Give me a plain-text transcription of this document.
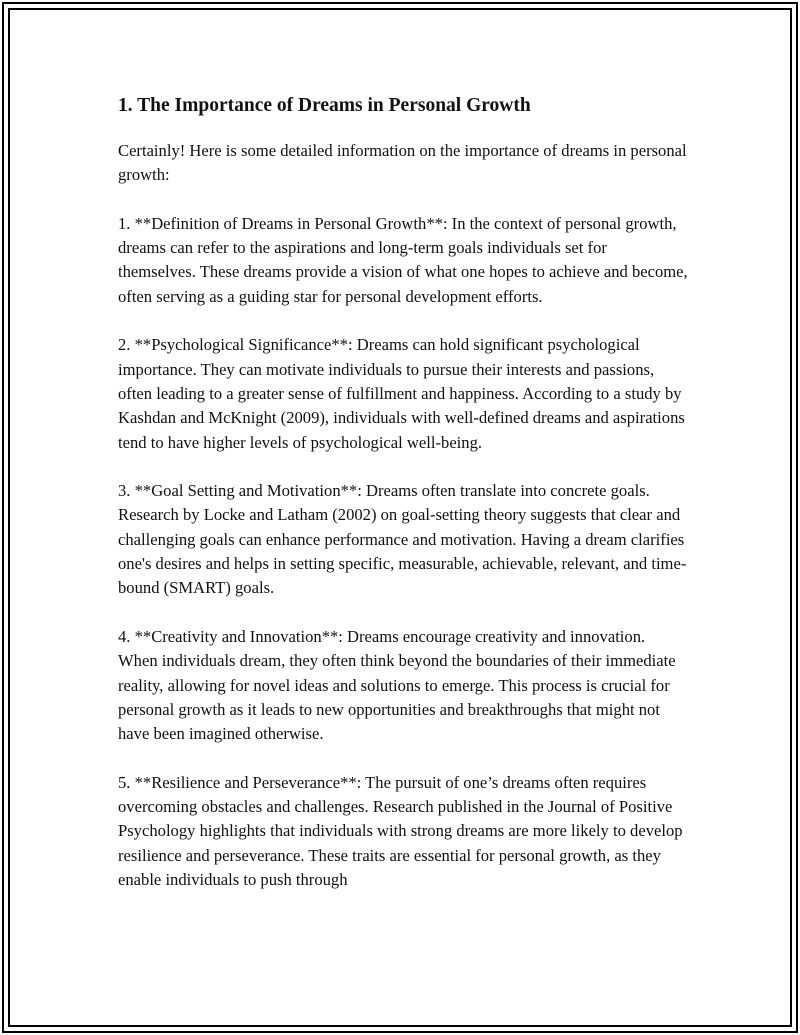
1. The Importance of Dreams in Personal Growth

Certainly! Here is some detailed information on the importance of dreams in personal growth:

1. **Definition of Dreams in Personal Growth**: In the context of personal growth, dreams can refer to the aspirations and long-term goals individuals set for themselves. These dreams provide a vision of what one hopes to achieve and become, often serving as a guiding star for personal development efforts.

2. **Psychological Significance**: Dreams can hold significant psychological importance. They can motivate individuals to pursue their interests and passions, often leading to a greater sense of fulfillment and happiness. According to a study by Kashdan and McKnight (2009), individuals with well-defined dreams and aspirations tend to have higher levels of psychological well-being.

3. **Goal Setting and Motivation**: Dreams often translate into concrete goals. Research by Locke and Latham (2002) on goal-setting theory suggests that clear and challenging goals can enhance performance and motivation. Having a dream clarifies one's desires and helps in setting specific, measurable, achievable, relevant, and time-bound (SMART) goals.

4. **Creativity and Innovation**: Dreams encourage creativity and innovation. When individuals dream, they often think beyond the boundaries of their immediate reality, allowing for novel ideas and solutions to emerge. This process is crucial for personal growth as it leads to new opportunities and breakthroughs that might not have been imagined otherwise.

5. **Resilience and Perseverance**: The pursuit of one’s dreams often requires overcoming obstacles and challenges. Research published in the Journal of Positive Psychology highlights that individuals with strong dreams are more likely to develop resilience and perseverance. These traits are essential for personal growth, as they enable individuals to push through
